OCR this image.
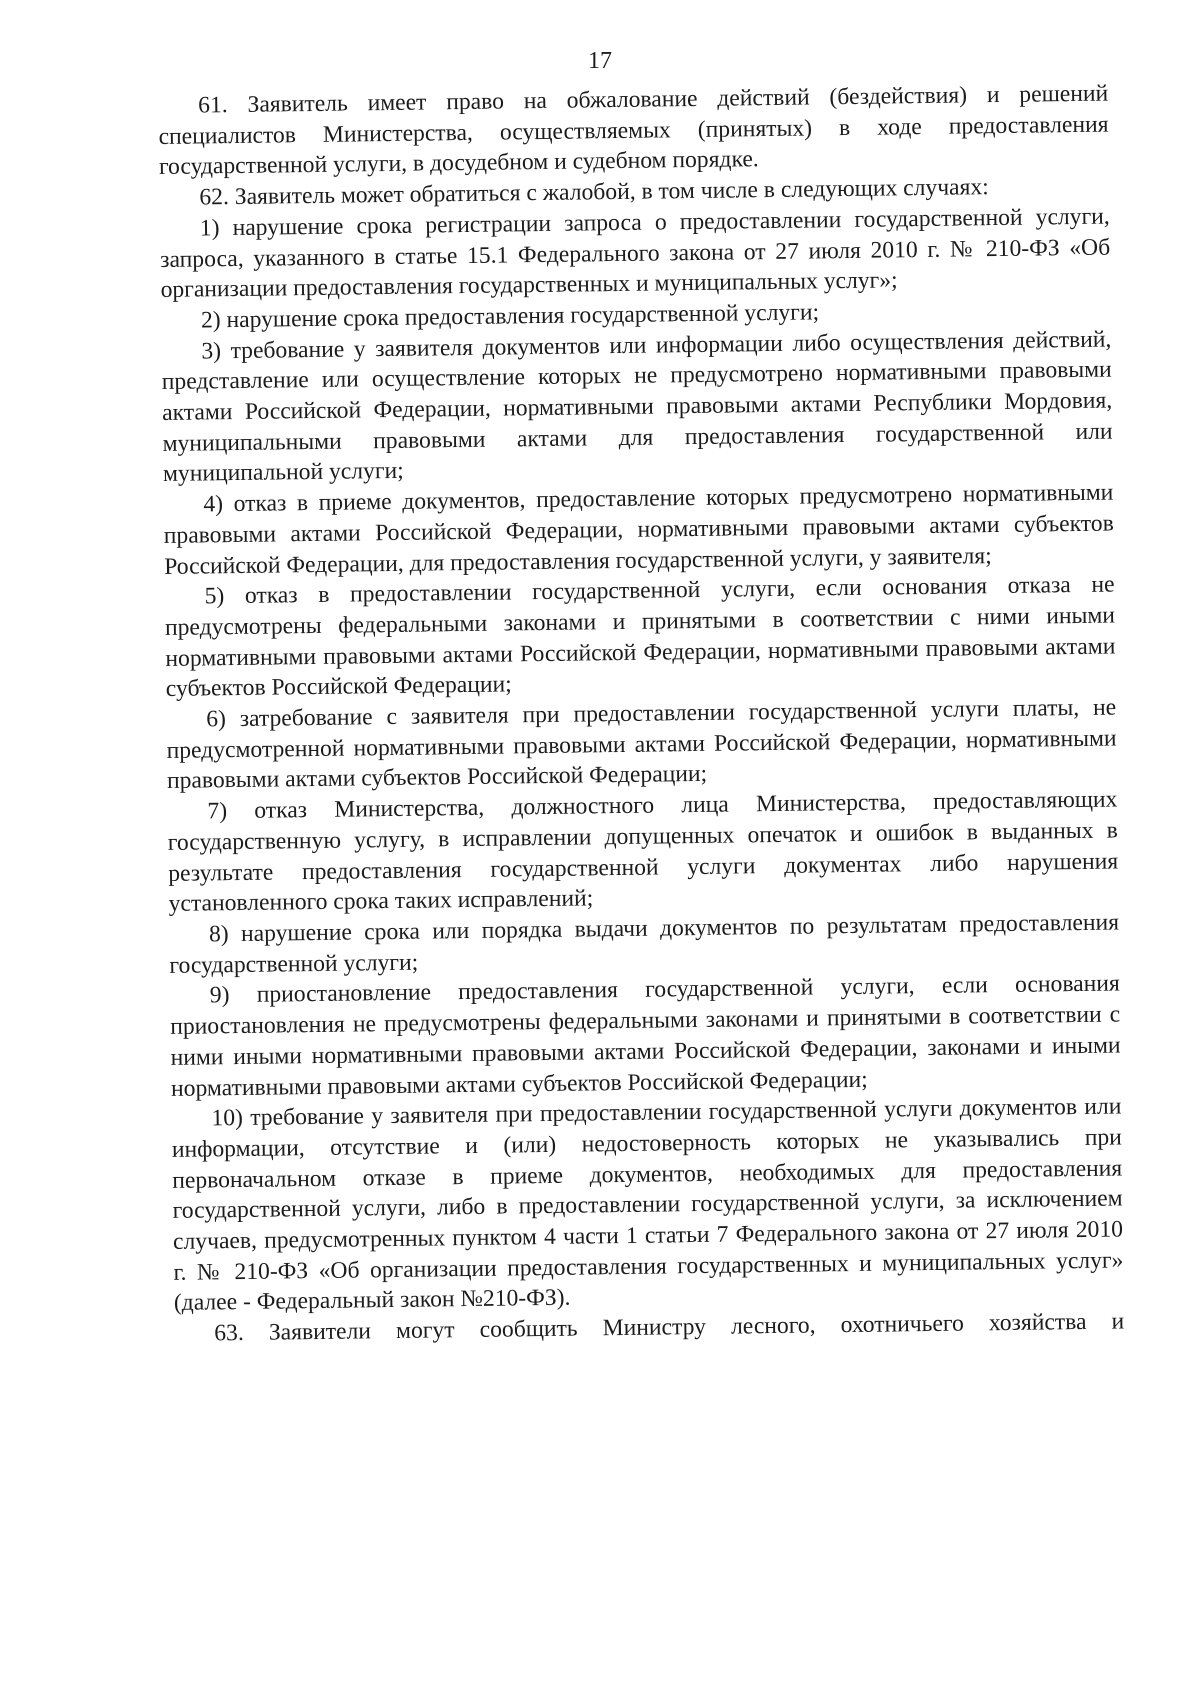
17

61. Заявитель имеет право на обжалование действий (бездействия) и решений специалистов Министерства, осуществляемых (принятых) в ходе предоставления государственной услуги, в досудебном и судебном порядке.

62. Заявитель может обратиться с жалобой, в том числе в следующих случаях:

1) нарушение срока регистрации запроса о предоставлении государственной услуги, запроса, указанного в статье 15.1 Федерального закона от 27 июля 2010 г. № 210-ФЗ «Об организации предоставления государственных и муниципальных услуг»;

2) нарушение срока предоставления государственной услуги;

3) требование у заявителя документов или информации либо осуществления действий, представление или осуществление которых не предусмотрено нормативными правовыми актами Российской Федерации, нормативными правовыми актами Республики Мордовия, муниципальными правовыми актами для предоставления государственной или муниципальной услуги;

4) отказ в приеме документов, предоставление которых предусмотрено нормативными правовыми актами Российской Федерации, нормативными правовыми актами субъектов Российской Федерации, для предоставления государственной услуги, у заявителя;

5) отказ в предоставлении государственной услуги, если основания отказа не предусмотрены федеральными законами и принятыми в соответствии с ними иными нормативными правовыми актами Российской Федерации, нормативными правовыми актами субъектов Российской Федерации;

6) затребование с заявителя при предоставлении государственной услуги платы, не предусмотренной нормативными правовыми актами Российской Федерации, нормативными правовыми актами субъектов Российской Федерации;

7) отказ Министерства, должностного лица Министерства, предоставляющих государственную услугу, в исправлении допущенных опечаток и ошибок в выданных в результате предоставления государственной услуги документах либо нарушения установленного срока таких исправлений;

8) нарушение срока или порядка выдачи документов по результатам предоставления государственной услуги;

9) приостановление предоставления государственной услуги, если основания приостановления не предусмотрены федеральными законами и принятыми в соответствии с ними иными нормативными правовыми актами Российской Федерации, законами и иными нормативными правовыми актами субъектов Российской Федерации;

10) требование у заявителя при предоставлении государственной услуги документов или информации, отсутствие и (или) недостоверность которых не указывались при первоначальном отказе в приеме документов, необходимых для предоставления государственной услуги, либо в предоставлении государственной услуги, за исключением случаев, предусмотренных пунктом 4 части 1 статьи 7 Федерального закона от 27 июля 2010 г. № 210-ФЗ «Об организации предоставления государственных и муниципальных услуг» (далее - Федеральный закон №210-ФЗ).

63. Заявители могут сообщить Министру лесного, охотничьего хозяйства и
